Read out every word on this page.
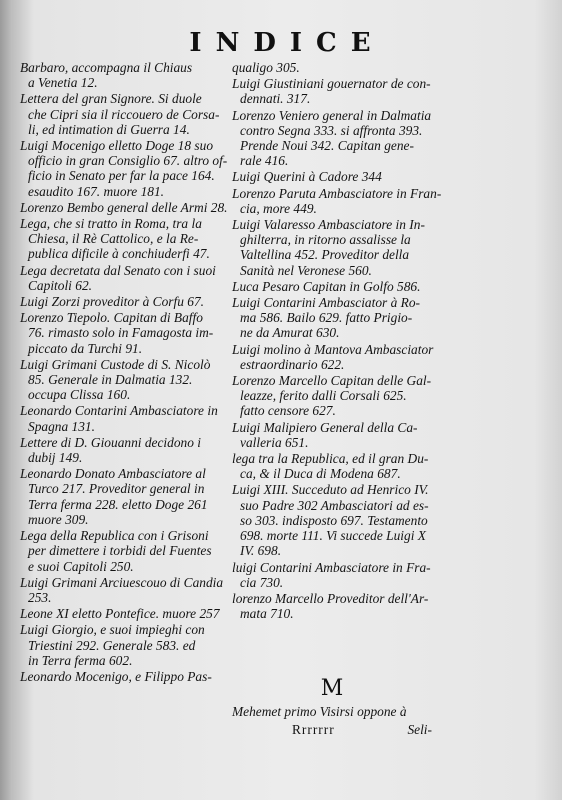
INDICE
Barbaro, accompagna il Chiaus
a Venetia 12.
Lettera del gran Signore. Si duole
che Cipri sia il riccouero de Corsa-
li, ed intimation di Guerra 14.
Luigi Mocenigo elletto Doge 18 suo
officio in gran Consiglio 67. altro of-
ficio in Senato per far la pace 164.
esaudito 167. muore 181.
Lorenzo Bembo general delle Armi 28.
Lega, che si tratto in Roma, tra la
Chiesa, il Rè Cattolico, e la Re-
publica dificile à conchiuderfi 47.
Lega decretata dal Senato con i suoi
Capitoli 62.
Luigi Zorzi proveditor à Corfu 67.
Lorenzo Tiepolo. Capitan di Baffo
76. rimasto solo in Famagosta im-
piccato da Turchi 91.
Luigi Grimani Custode di S. Nicolò
85. Generale in Dalmatia 132.
occupa Clissa 160.
Leonardo Contarini Ambasciatore in
Spagna 131.
Lettere di D. Giouanni decidono i
dubij 149.
Leonardo Donato Ambasciatore al
Turco 217. Proveditor general in
Terra ferma 228. eletto Doge 261
muore 309.
Lega della Republica con i Grisoni
per dimettere i torbidi del Fuentes
e suoi Capitoli 250.
Luigi Grimani Arciuescouo di Candia
253.
Leone XI eletto Pontefice. muore 257
Luigi Giorgio, e suoi impieghi con
Triestini 292. Generale 583. ed
in Terra ferma 602.
Leonardo Mocenigo, e Filippo Pas-
qualigo 305.
Luigi Giustiniani gouernator de con-
dennati. 317.
Lorenzo Veniero general in Dalmatia
contro Segna 333. si affronta 393.
Prende Noui 342. Capitan gene-
rale 416.
Luigi Querini à Cadore 344
Lorenzo Paruta Ambasciatore in Fran-
cia, more 449.
Luigi Valaresso Ambasciatore in In-
ghilterra, in ritorno assalisse la
Valtellina 452. Proveditor della
Sanità nel Veronese 560.
Luca Pesaro Capitan in Golfo 586.
Luigi Contarini Ambasciator à Ro-
ma 586. Bailo 629. fatto Prigio-
ne da Amurat 630.
Luigi molino à Mantova Ambasciator
estraordinario 622.
Lorenzo Marcello Capitan delle Gal-
leazze, ferito dalli Corsali 625.
fatto censore 627.
Luigi Malipiero General della Ca-
valleria 651.
lega tra la Republica, ed il gran Du-
ca, & il Duca di Modena 687.
Luigi XIII. Succeduto ad Henrico IV.
suo Padre 302 Ambasciatori ad es-
so 303. indisposto 697. Testamento
698. morte 111. Vi succede Luigi X
IV. 698.
luigi Contarini Ambasciatore in Fra-
cia 730.
lorenzo Marcello Proveditor dell'Ar-
mata 710.
M
Mehemet primo Visirsi oppone à
Rrrrrrr	Seli-
